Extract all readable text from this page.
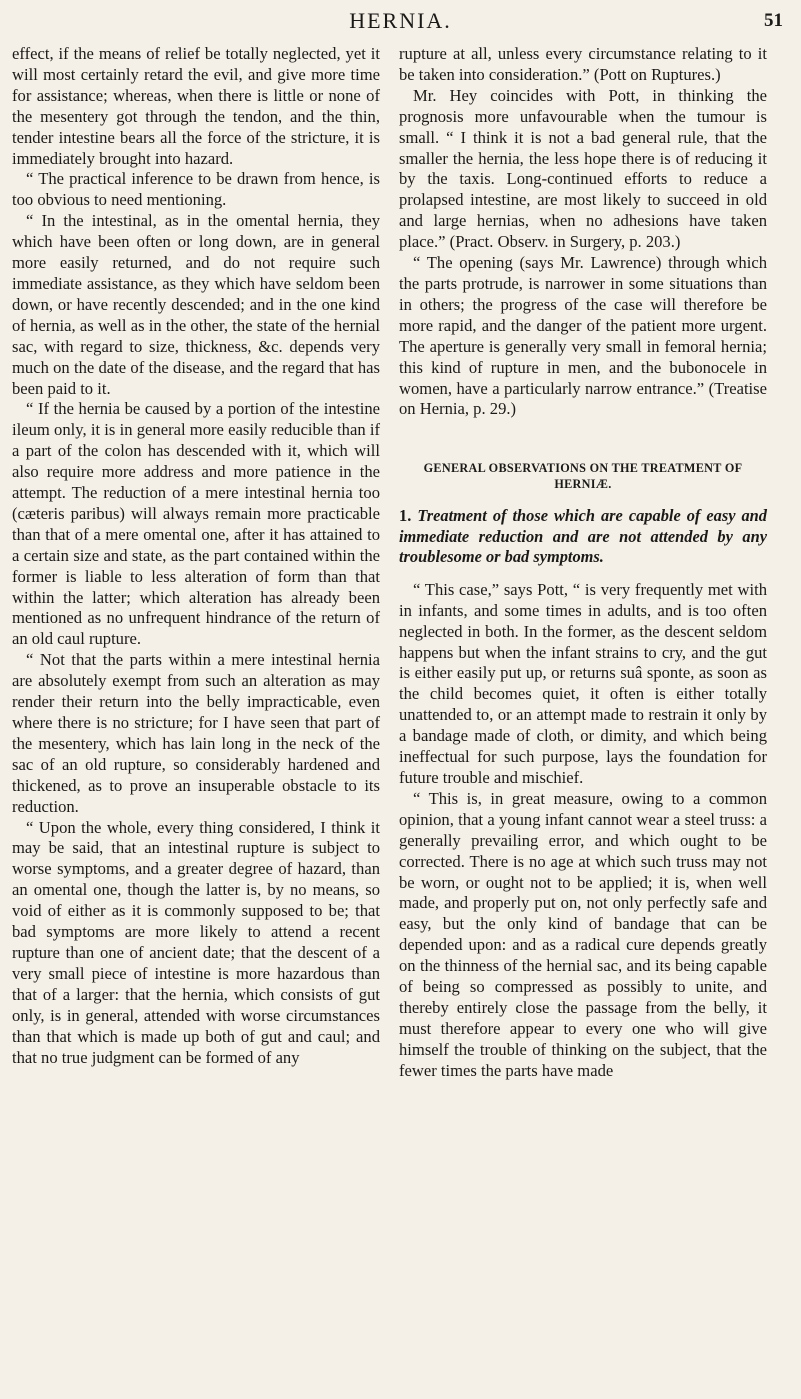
HERNIA.	51

effect, if the means of relief be totally neglected, yet it will most certainly retard the evil, and give more time for assistance; whereas, when there is little or none of the mesentery got through the tendon, and the thin, tender intestine bears all the force of the stricture, it is immediately brought into hazard.

“ The practical inference to be drawn from hence, is too obvious to need mentioning.

“ In the intestinal, as in the omental hernia, they which have been often or long down, are in general more easily returned, and do not require such immediate assistance, as they which have seldom been down, or have recently descended; and in the one kind of hernia, as well as in the other, the state of the hernial sac, with regard to size, thickness, &c. depends very much on the date of the disease, and the regard that has been paid to it.

“ If the hernia be caused by a portion of the intestine ileum only, it is in general more easily reducible than if a part of the colon has descended with it, which will also require more address and more patience in the attempt. The reduction of a mere intestinal hernia too (cæteris paribus) will always remain more practicable than that of a mere omental one, after it has attained to a certain size and state, as the part contained within the former is liable to less alteration of form than that within the latter; which alteration has already been mentioned as no unfrequent hindrance of the return of an old caul rupture.

“ Not that the parts within a mere intestinal hernia are absolutely exempt from such an alteration as may render their return into the belly impracticable, even where there is no stricture; for I have seen that part of the mesentery, which has lain long in the neck of the sac of an old rupture, so considerably hardened and thickened, as to prove an insuperable obstacle to its reduction.

“ Upon the whole, every thing considered, I think it may be said, that an intestinal rupture is subject to worse symptoms, and a greater degree of hazard, than an omental one, though the latter is, by no means, so void of either as it is commonly supposed to be; that bad symptoms are more likely to attend a recent rupture than one of ancient date; that the descent of a very small piece of intestine is more hazardous than that of a larger: that the hernia, which consists of gut only, is in general, attended with worse circumstances than that which is made up both of gut and caul; and that no true judgment can be formed of any

rupture at all, unless every circumstance relating to it be taken into consideration.” (Pott on Ruptures.)

Mr. Hey coincides with Pott, in thinking the prognosis more unfavourable when the tumour is small. “ I think it is not a bad general rule, that the smaller the hernia, the less hope there is of reducing it by the taxis. Long-continued efforts to reduce a prolapsed intestine, are most likely to succeed in old and large hernias, when no adhesions have taken place.” (Pract. Observ. in Surgery, p. 203.)

“ The opening (says Mr. Lawrence) through which the parts protrude, is narrower in some situations than in others; the progress of the case will therefore be more rapid, and the danger of the patient more urgent. The aperture is generally very small in femoral hernia; this kind of rupture in men, and the bubonocele in women, have a particularly narrow entrance.” (Treatise on Hernia, p. 29.)

GENERAL OBSERVATIONS ON THE TREATMENT OF HERNIÆ.
1. Treatment of those which are capable of easy and immediate reduction and are not attended by any troublesome or bad symptoms.

“ This case,” says Pott, “ is very frequently met with in infants, and some times in adults, and is too often neglected in both. In the former, as the descent seldom happens but when the infant strains to cry, and the gut is either easily put up, or returns suâ sponte, as soon as the child becomes quiet, it often is either totally unattended to, or an attempt made to restrain it only by a bandage made of cloth, or dimity, and which being ineffectual for such purpose, lays the foundation for future trouble and mischief.

“ This is, in great measure, owing to a common opinion, that a young infant cannot wear a steel truss: a generally prevailing error, and which ought to be corrected. There is no age at which such truss may not be worn, or ought not to be applied; it is, when well made, and properly put on, not only perfectly safe and easy, but the only kind of bandage that can be depended upon: and as a radical cure depends greatly on the thinness of the hernial sac, and its being capable of being so compressed as possibly to unite, and thereby entirely close the passage from the belly, it must therefore appear to every one who will give himself the trouble of thinking on the subject, that the fewer times the parts have made
